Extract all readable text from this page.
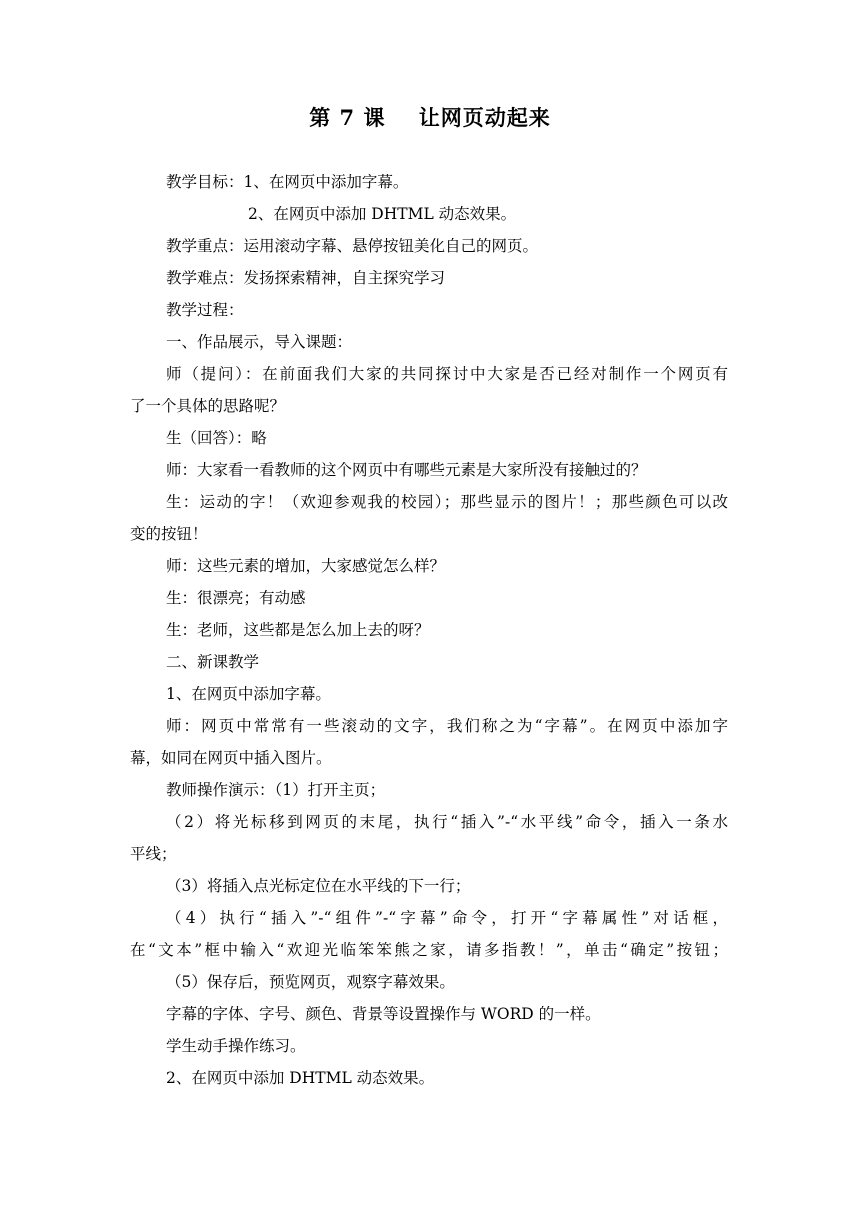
第 7 课    让网页动起来
教学目标：1、在网页中添加字幕。
2、在网页中添加 DHTML 动态效果。
教学重点：运用滚动字幕、悬停按钮美化自己的网页。
教学难点：发扬探索精神，自主探究学习
教学过程：
一、作品展示，导入课题：
师（提问）：在前面我们大家的共同探讨中大家是否已经对制作一个网页有
了一个具体的思路呢？
生（回答）：略
师：大家看一看教师的这个网页中有哪些元素是大家所没有接触过的？
生：运动的字！（欢迎参观我的校园）；那些显示的图片！；那些颜色可以改
变的按钮！
师：这些元素的增加，大家感觉怎么样？
生：很漂亮；有动感
生：老师，这些都是怎么加上去的呀？
二、新课教学
1、在网页中添加字幕。
师：网页中常常有一些滚动的文字，我们称之为“字幕”。在网页中添加字
幕，如同在网页中插入图片。
教师操作演示：（1）打开主页；
（2）将光标移到网页的末尾，执行“插入”-“水平线”命令，插入一条水
平线；
（3）将插入点光标定位在水平线的下一行；
（4）执行“插入”-“组件”-“字幕”命令，打开“字幕属性”对话框，
在“文本”框中输入“欢迎光临笨笨熊之家，请多指教！”，单击“确定”按钮；
（5）保存后，预览网页，观察字幕效果。
字幕的字体、字号、颜色、背景等设置操作与 WORD 的一样。
学生动手操作练习。
2、在网页中添加 DHTML 动态效果。
